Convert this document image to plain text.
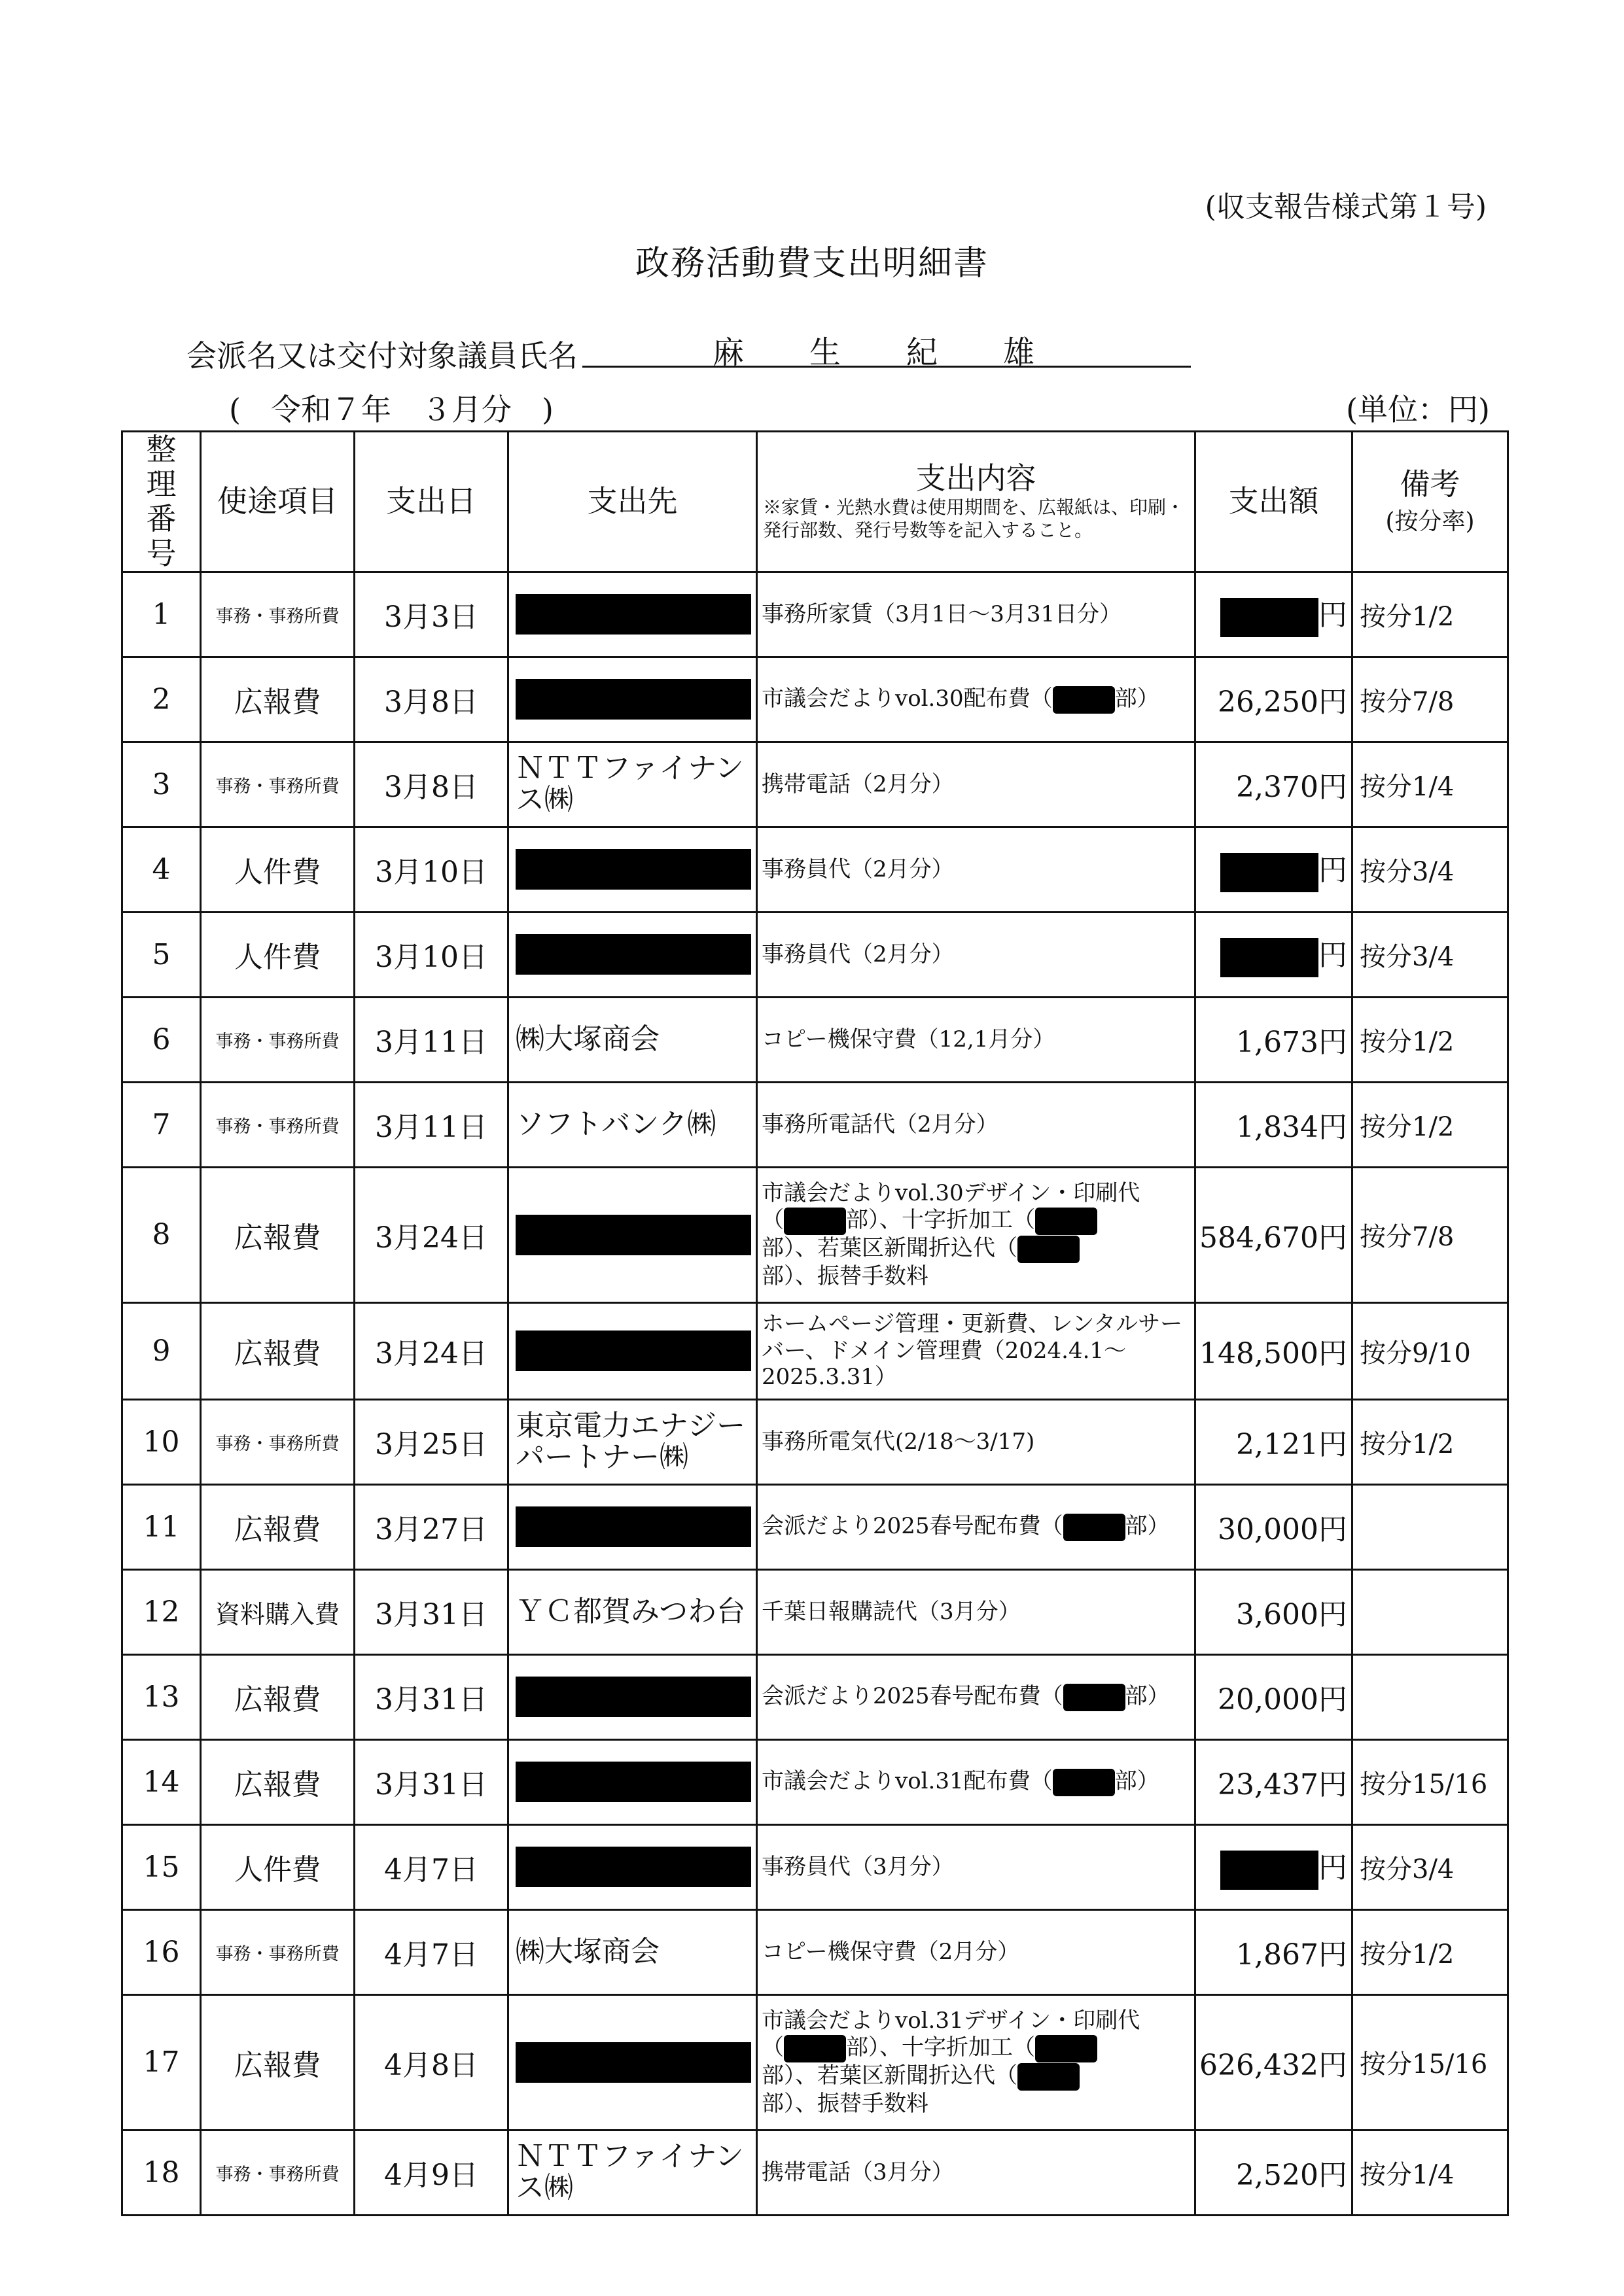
(収支報告様式第１号)
政務活動費支出明細書
会派名又は交付対象議員氏名	麻生紀雄
(　令和７年　３月分　)	(単位：円)
整理番号	使途項目	支出日	支出先	支出内容
※家賃・光熱水費は使用期間を、広報紙は、印刷・発行部数、発行号数等を記入すること。	支出額	備考
(按分率)
1	事務・事務所費	3月3日		事務所家賃（3月1日～3月31日分）	円	按分1/2
2	広報費	3月8日		市議会だよりvol.30配布費（ 部）	26,250円	按分7/8
3	事務・事務所費	3月8日	ＮＴＴファイナンス㈱	携帯電話（2月分）	2,370円	按分1/4
4	人件費	3月10日		事務員代（2月分）	円	按分3/4
5	人件費	3月10日		事務員代（2月分）	円	按分3/4
6	事務・事務所費	3月11日	㈱大塚商会	コピー機保守費（12,1月分）	1,673円	按分1/2
7	事務・事務所費	3月11日	ソフトバンク㈱	事務所電話代（2月分）	1,834円	按分1/2
8	広報費	3月24日		市議会だよりvol.30デザイン・印刷代
（ 部）、十字折加工（
部）、若葉区新聞折込代（
部）、振替手数料	584,670円	按分7/8
9	広報費	3月24日		ホームページ管理・更新費、レンタルサーバー、ドメイン管理費（2024.4.1～2025.3.31）	148,500円	按分9/10
10	事務・事務所費	3月25日	東京電力エナジーパートナー㈱	事務所電気代(2/18～3/17)	2,121円	按分1/2
11	広報費	3月27日		会派だより2025春号配布費（ 部）	30,000円	
12	資料購入費	3月31日	ＹＣ都賀みつわ台	千葉日報購読代（3月分）	3,600円	
13	広報費	3月31日		会派だより2025春号配布費（ 部）	20,000円	
14	広報費	3月31日		市議会だよりvol.31配布費（ 部）	23,437円	按分15/16
15	人件費	4月7日		事務員代（3月分）	円	按分3/4
16	事務・事務所費	4月7日	㈱大塚商会	コピー機保守費（2月分）	1,867円	按分1/2
17	広報費	4月8日		市議会だよりvol.31デザイン・印刷代
（ 部）、十字折加工（
部）、若葉区新聞折込代（
部）、振替手数料	626,432円	按分15/16
18	事務・事務所費	4月9日	ＮＴＴファイナンス㈱	携帯電話（3月分）	2,520円	按分1/4
